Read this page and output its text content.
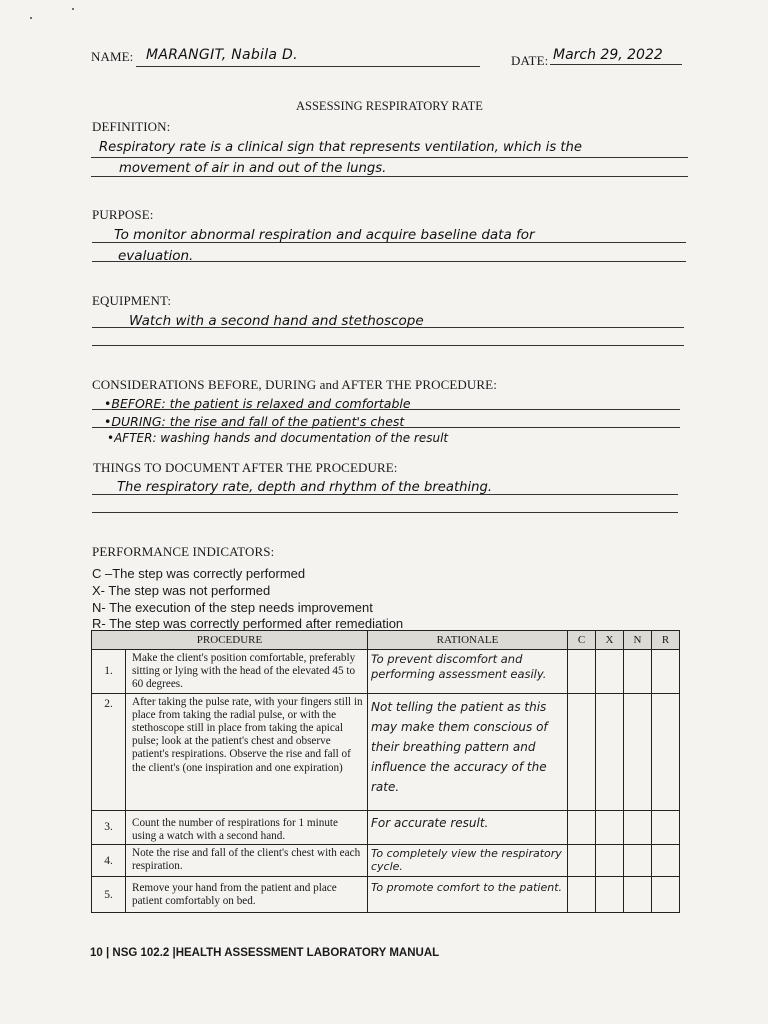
NAME: MARANGIT, Nabila D.	DATE: March 29, 2022
ASSESSING RESPIRATORY RATE
DEFINITION:
Respiratory rate is a clinical sign that represents ventilation, which is the
movement of air in and out of the lungs.
PURPOSE:
To monitor abnormal respiration and acquire baseline data for
evaluation.
EQUIPMENT:
Watch with a second hand and stethoscope
CONSIDERATIONS BEFORE, DURING and AFTER THE PROCEDURE:
•BEFORE: the patient is relaxed and comfortable
•DURING: the rise and fall of the patient's chest
•AFTER: washing hands and documentation of the result
THINGS TO DOCUMENT AFTER THE PROCEDURE:
The respiratory rate, depth and rhythm of the breathing.
PERFORMANCE INDICATORS:
C –The step was correctly performed
X- The step was not performed
N- The execution of the step needs improvement
R- The step was correctly performed after remediation
PROCEDURE		RATIONALE	C	X	N	R
1.	Make the client's position comfortable, preferably sitting or lying with the head of the elevated 45 to 60 degrees.	To prevent discomfort and performing assessment easily.				
2.	After taking the pulse rate, with your fingers still in place from taking the radial pulse, or with the stethoscope still in place from taking the apical pulse; look at the patient's chest and observe patient's respirations. Observe the rise and fall of the client's (one inspiration and one expiration)	Not telling the patient as this may make them conscious of their breathing pattern and influence the accuracy of the rate.				
3.	Count the number of respirations for 1 minute using a watch with a second hand.	For accurate result.				
4.	Note the rise and fall of the client's chest with each respiration.	To completely view the respiratory cycle.				
5.	Remove your hand from the patient and place patient comfortably on bed.	To promote comfort to the patient.				
10 | NSG 102.2 |HEALTH ASSESSMENT LABORATORY MANUAL
